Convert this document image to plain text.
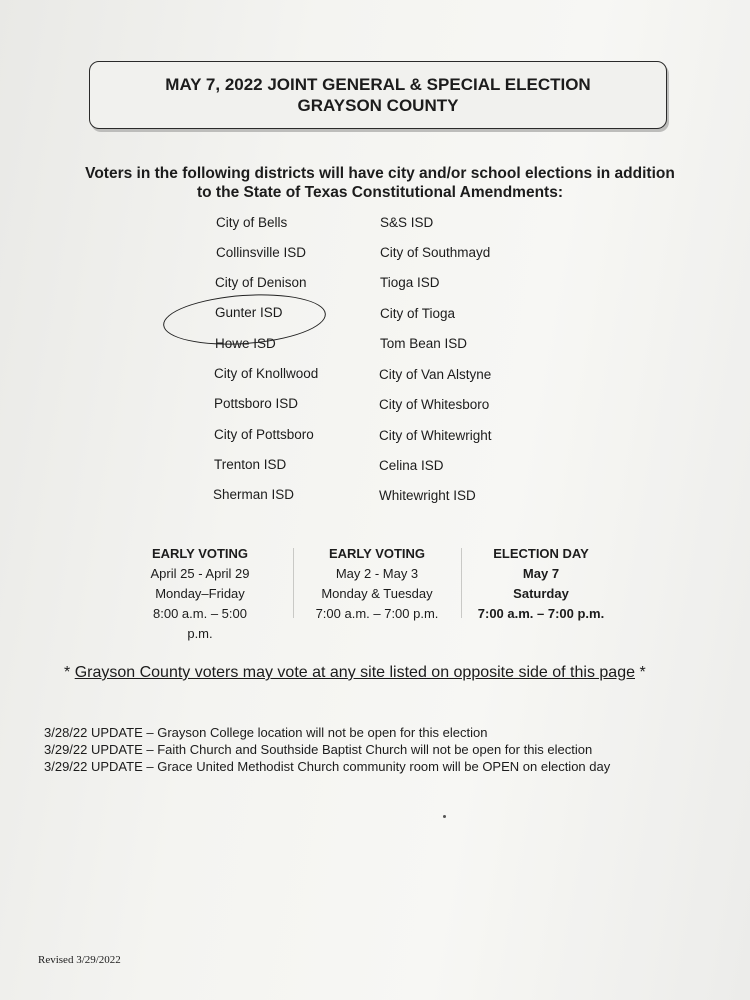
MAY 7, 2022 JOINT GENERAL & SPECIAL ELECTION
GRAYSON COUNTY
Voters in the following districts will have city and/or school elections in addition
to the State of Texas Constitutional Amendments:
City of Bells
Collinsville ISD
City of Denison
Gunter ISD
Howe ISD
City of Knollwood
Pottsboro ISD
City of Pottsboro
Trenton ISD
Sherman ISD
S&S ISD
City of Southmayd
Tioga ISD
City of Tioga
Tom Bean ISD
City of Van Alstyne
City of Whitesboro
City of Whitewright
Celina ISD
Whitewright ISD
EARLY VOTING
April 25 - April 29
Monday–Friday
8:00 a.m. – 5:00 p.m.
EARLY VOTING
May 2 - May 3
Monday & Tuesday
7:00 a.m. – 7:00 p.m.
ELECTION DAY
May 7
Saturday
7:00 a.m. – 7:00 p.m.
* Grayson County voters may vote at any site listed on opposite side of this page *
3/28/22 UPDATE – Grayson College location will not be open for this election
3/29/22 UPDATE – Faith Church and Southside Baptist Church will not be open for this election
3/29/22 UPDATE – Grace United Methodist Church community room will be OPEN on election day
Revised 3/29/2022
